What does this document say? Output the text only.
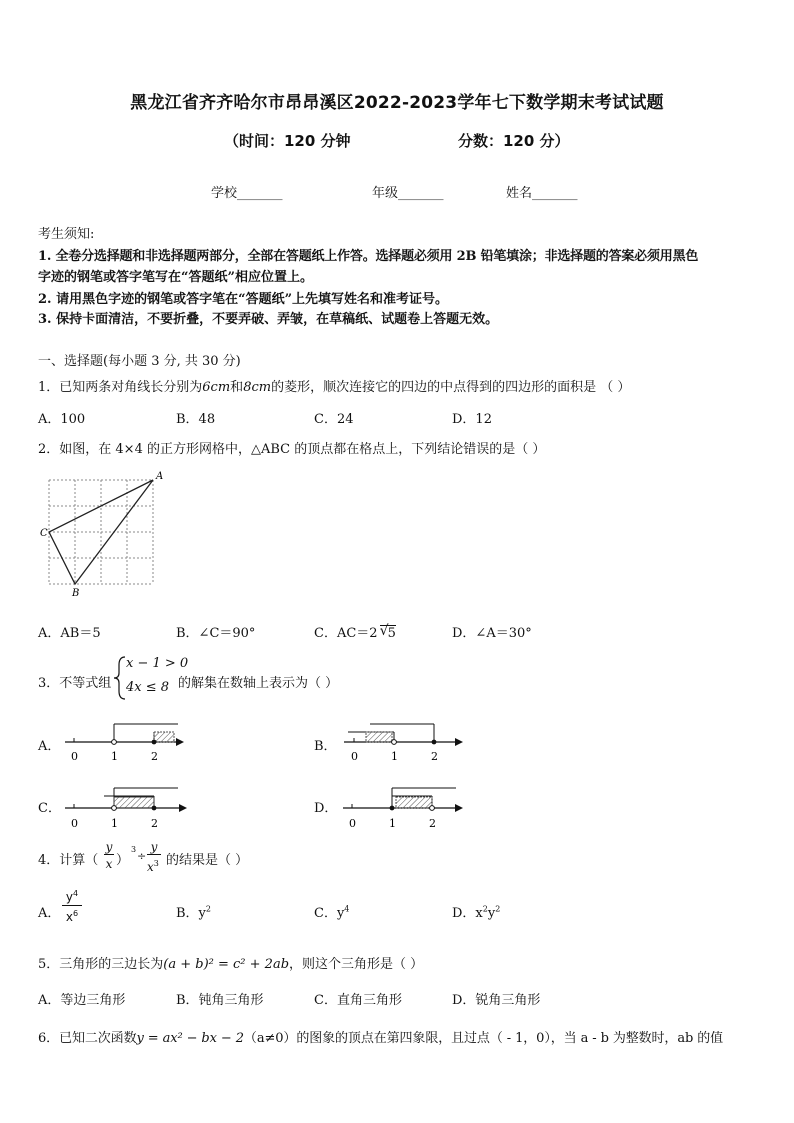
黑龙江省齐齐哈尔市昂昂溪区2022-2023学年七下数学期末考试试题
（时间：120 分钟	分数：120 分）
学校_______	年级_______	姓名_______
考生须知:
1. 全卷分选择题和非选择题两部分，全部在答题纸上作答。选择题必须用 2B 铅笔填涂；非选择题的答案必须用黑色
字迹的钢笔或答字笔写在“答题纸”相应位置上。
2. 请用黑色字迹的钢笔或答字笔在“答题纸”上先填写姓名和准考证号。
3. 保持卡面清洁，不要折叠，不要弄破、弄皱，在草稿纸、试题卷上答题无效。
一、选择题(每小题 3 分, 共 30 分)
1．已知两条对角线长分别为6cm和8cm的菱形，顺次连接它的四边的中点得到的四边形的面积是 （ ）
A．100	B．48	C．24	D．12
2．如图，在 4×4 的正方形网格中，△ABC 的顶点都在格点上，下列结论错误的是（ ）
A
C
B
A．AB＝5	B．∠C＝90°	C．AC＝2 √ 5	D．∠A＝30°
3．不等式组
x − 1 > 0
4x ≤ 8 的解集在数轴上表示为（ ）
A．
0	1	2
B．
0	1	2
C．
0	1	2
D．
0	1	2
4．计算（
y
x ）
3
÷
y
$x^3$ 的结果是（ ）
A．
$y^4$
$x^6$	B．$y^2$	C．$y^4$	D．$x^2y^2$
5．三角形的三边长为(a + b)² = c² + 2ab，则这个三角形是（ ）
A．等边三角形	B．钝角三角形	C．直角三角形	D．锐角三角形
6．已知二次函数y = ax² − bx − 2（a≠0）的图象的顶点在第四象限，且过点（ - 1，0），当 a - b 为整数时，ab 的值
